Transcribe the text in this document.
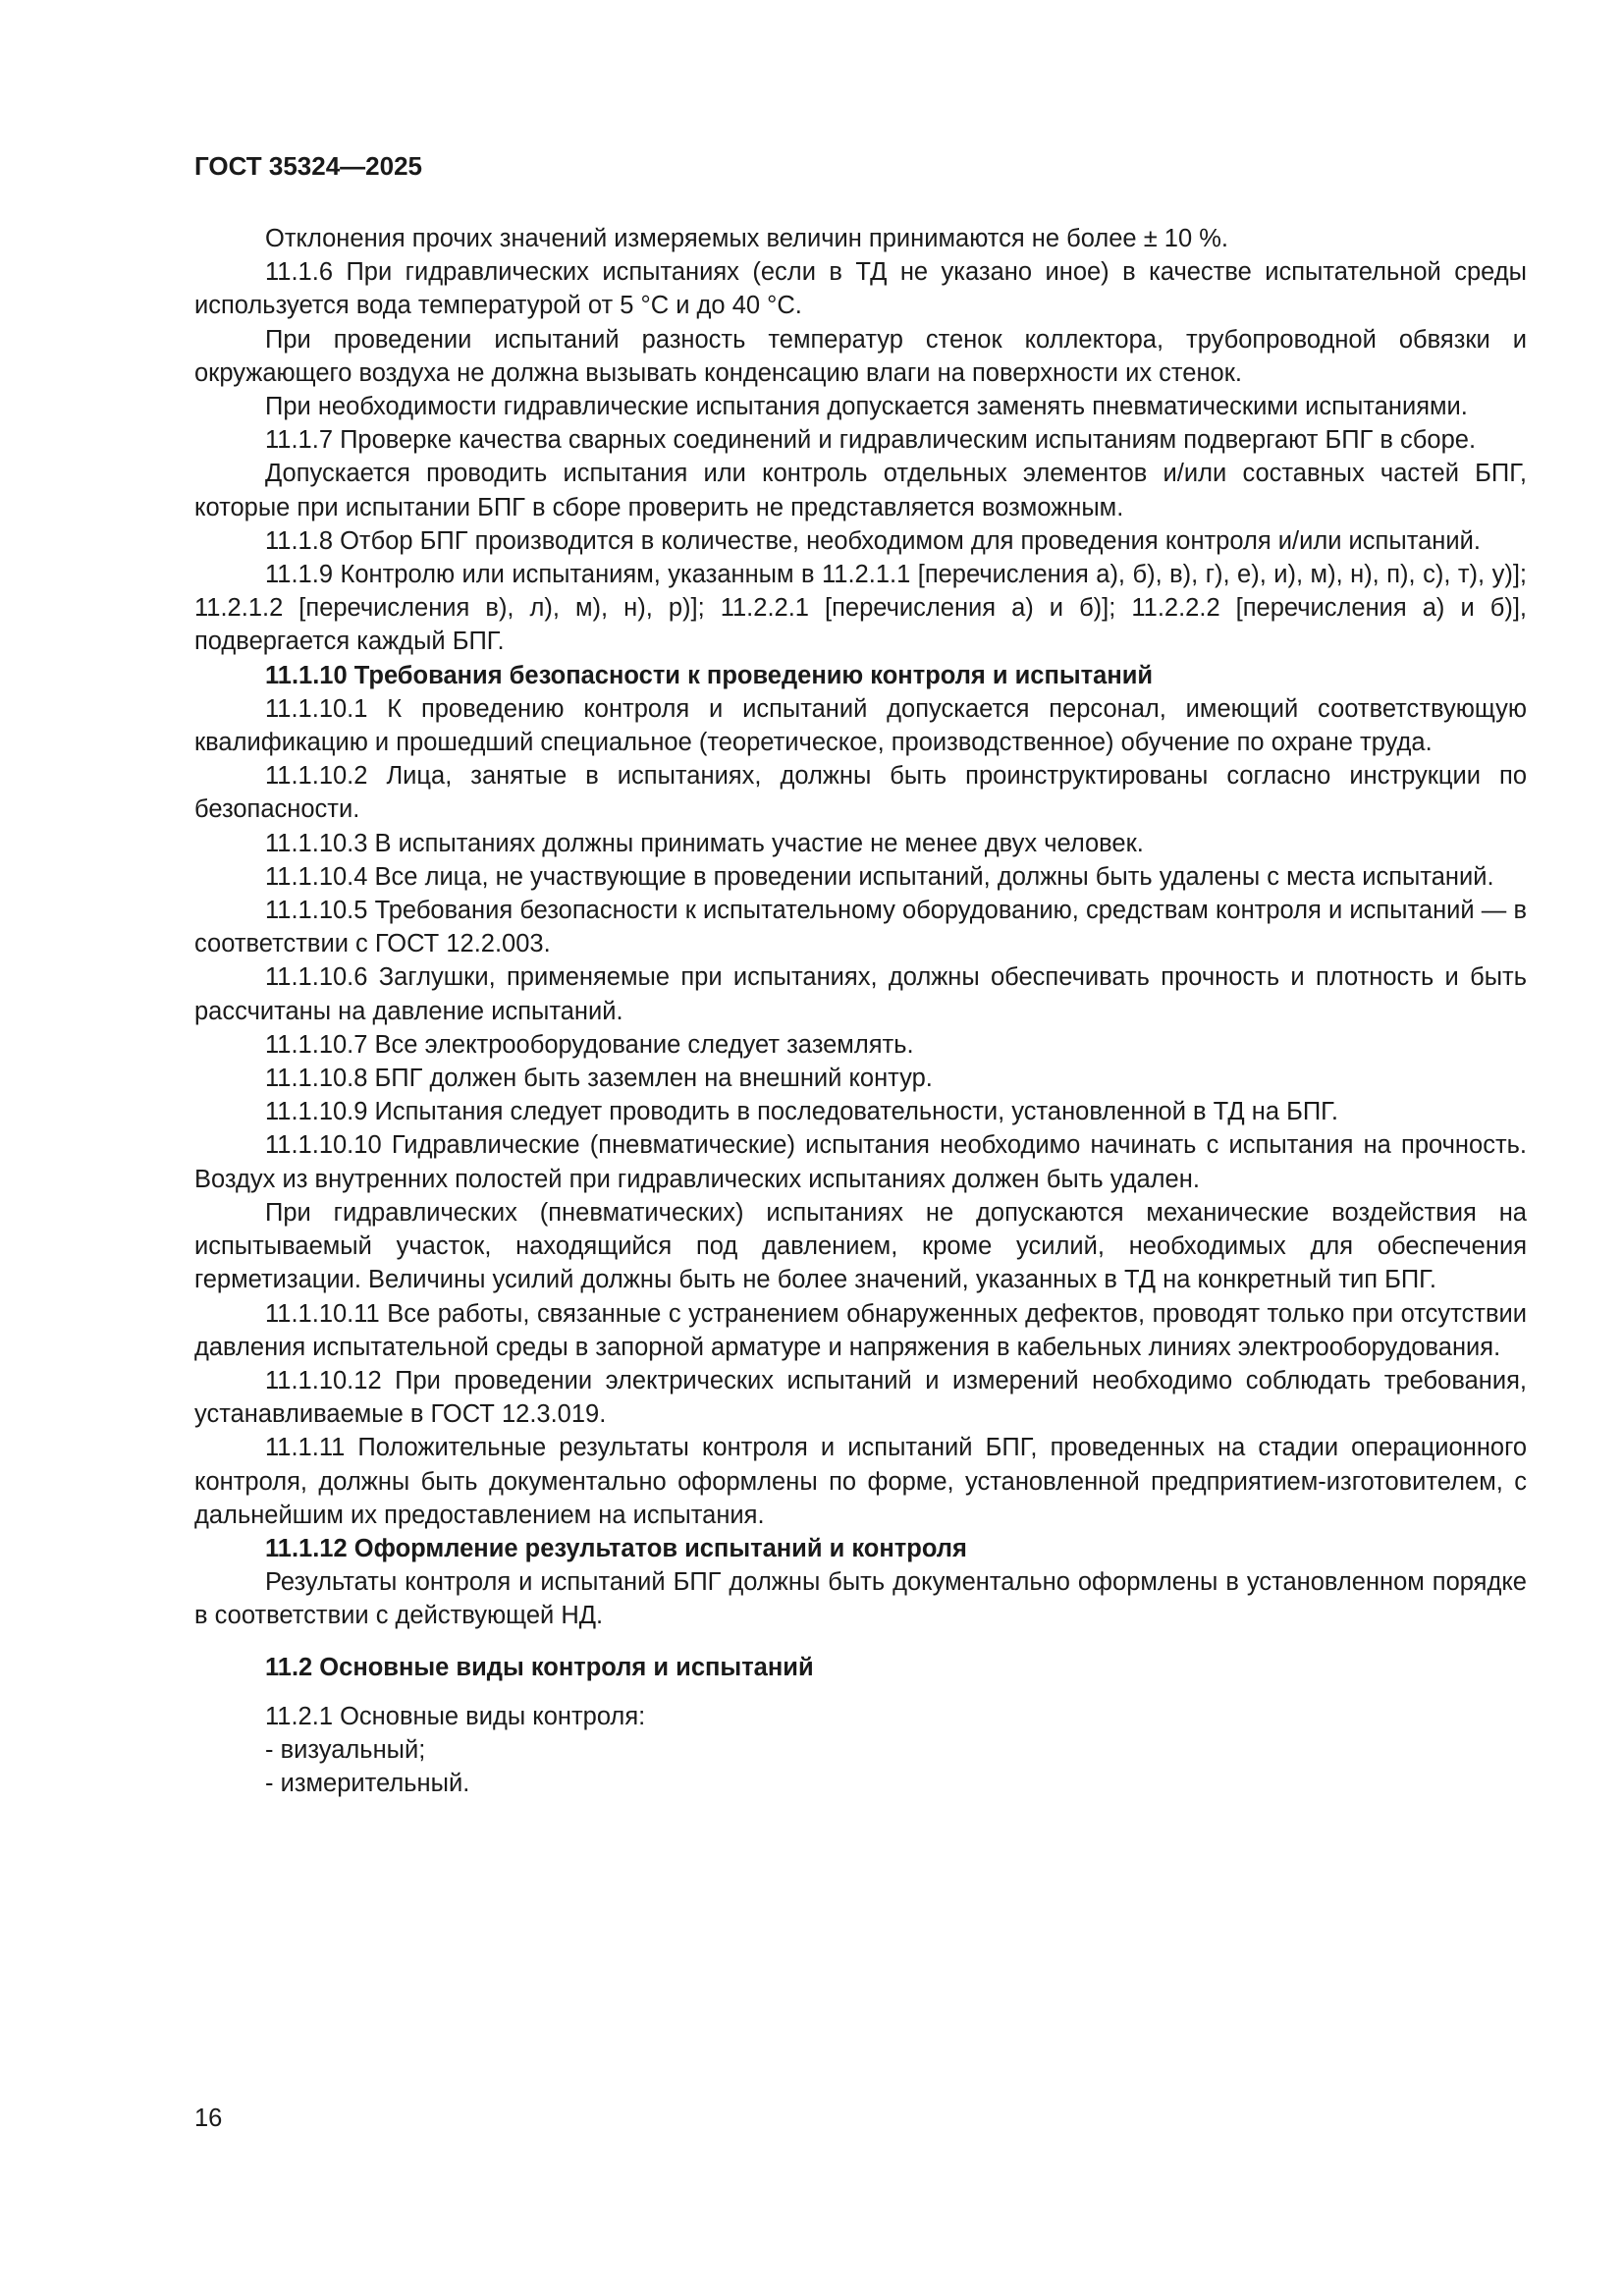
ГОСТ 35324—2025

Отклонения прочих значений измеряемых величин принимаются не более ± 10 %.

11.1.6 При гидравлических испытаниях (если в ТД не указано иное) в качестве испытательной среды используется вода температурой от 5 °С и до 40 °С.

При проведении испытаний разность температур стенок коллектора, трубопроводной обвязки и окружающего воздуха не должна вызывать конденсацию влаги на поверхности их стенок.

При необходимости гидравлические испытания допускается заменять пневматическими испытаниями.

11.1.7 Проверке качества сварных соединений и гидравлическим испытаниям подвергают БПГ в сборе.

Допускается проводить испытания или контроль отдельных элементов и/или составных частей БПГ, которые при испытании БПГ в сборе проверить не представляется возможным.

11.1.8 Отбор БПГ производится в количестве, необходимом для проведения контроля и/или испытаний.

11.1.9 Контролю или испытаниям, указанным в 11.2.1.1 [перечисления а), б), в), г), е), и), м), н), п), с), т), у)]; 11.2.1.2 [перечисления в), л), м), н), р)]; 11.2.2.1 [перечисления а) и б)]; 11.2.2.2 [перечисления а) и б)], подвергается каждый БПГ.

11.1.10 Требования безопасности к проведению контроля и испытаний

11.1.10.1 К проведению контроля и испытаний допускается персонал, имеющий соответствующую квалификацию и прошедший специальное (теоретическое, производственное) обучение по охране труда.

11.1.10.2 Лица, занятые в испытаниях, должны быть проинструктированы согласно инструкции по безопасности.

11.1.10.3 В испытаниях должны принимать участие не менее двух человек.

11.1.10.4 Все лица, не участвующие в проведении испытаний, должны быть удалены с места испытаний.

11.1.10.5 Требования безопасности к испытательному оборудованию, средствам контроля и испытаний — в соответствии с ГОСТ 12.2.003.

11.1.10.6 Заглушки, применяемые при испытаниях, должны обеспечивать прочность и плотность и быть рассчитаны на давление испытаний.

11.1.10.7 Все электрооборудование следует заземлять.

11.1.10.8 БПГ должен быть заземлен на внешний контур.

11.1.10.9 Испытания следует проводить в последовательности, установленной в ТД на БПГ.

11.1.10.10 Гидравлические (пневматические) испытания необходимо начинать с испытания на прочность. Воздух из внутренних полостей при гидравлических испытаниях должен быть удален.

При гидравлических (пневматических) испытаниях не допускаются механические воздействия на испытываемый участок, находящийся под давлением, кроме усилий, необходимых для обеспечения герметизации. Величины усилий должны быть не более значений, указанных в ТД на конкретный тип БПГ.

11.1.10.11 Все работы, связанные с устранением обнаруженных дефектов, проводят только при отсутствии давления испытательной среды в запорной арматуре и напряжения в кабельных линиях электрооборудования.

11.1.10.12 При проведении электрических испытаний и измерений необходимо соблюдать требования, устанавливаемые в ГОСТ 12.3.019.

11.1.11 Положительные результаты контроля и испытаний БПГ, проведенных на стадии операционного контроля, должны быть документально оформлены по форме, установленной предприятием-изготовителем, с дальнейшим их предоставлением на испытания.

11.1.12 Оформление результатов испытаний и контроля

Результаты контроля и испытаний БПГ должны быть документально оформлены в установленном порядке в соответствии с действующей НД.

11.2 Основные виды контроля и испытаний

11.2.1 Основные виды контроля:

- визуальный;

- измерительный.

16
